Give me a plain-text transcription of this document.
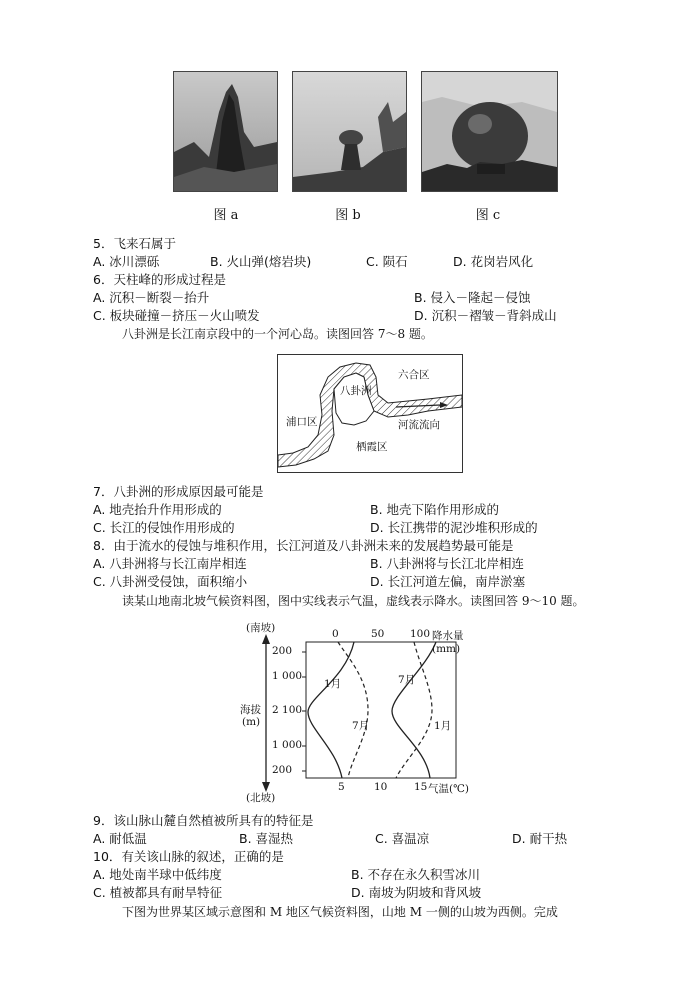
图 a	图 b	图 c
5．飞来石属于
A. 冰川漂砾	B. 火山弹(熔岩块)	C. 陨石	D. 花岗岩风化
6．天柱峰的形成过程是
A. 沉积－断裂－抬升	B. 侵入－隆起－侵蚀
C. 板块碰撞－挤压－火山喷发	D. 沉积－褶皱－背斜成山
八卦洲是长江南京段中的一个河心岛。读图回答 7～8 题。
八卦洲
六合区
浦口区	河流流向
栖霞区
7．八卦洲的形成原因最可能是
A. 地壳抬升作用形成的	B. 地壳下陷作用形成的
C. 长江的侵蚀作用形成的	D. 长江携带的泥沙堆积形成的
8．由于流水的侵蚀与堆积作用，长江河道及八卦洲未来的发展趋势最可能是
A. 八卦洲将与长江南岸相连	B. 八卦洲将与长江北岸相连
C. 八卦洲受侵蚀，面积缩小	D. 长江河道左偏，南岸淤塞
读某山地南北坡气候资料图，图中实线表示气温，虚线表示降水。读图回答 9～10 题。
(南坡)
(北坡)
海拔
(m)
200
1 000
2 100
1 000
200
0	50 100 降水量(mm)
5	10	15 气温(℃)
1月
7月
7月
1月
9．该山脉山麓自然植被所具有的特征是
A. 耐低温	B. 喜湿热	C. 喜温凉	D. 耐干热
10．有关该山脉的叙述，正确的是
A. 地处南半球中低纬度	B. 不存在永久积雪冰川
C. 植被都具有耐旱特征	D. 南坡为阴坡和背风坡
下图为世界某区域示意图和 M 地区气候资料图，山地 M 一侧的山坡为西侧。完成
